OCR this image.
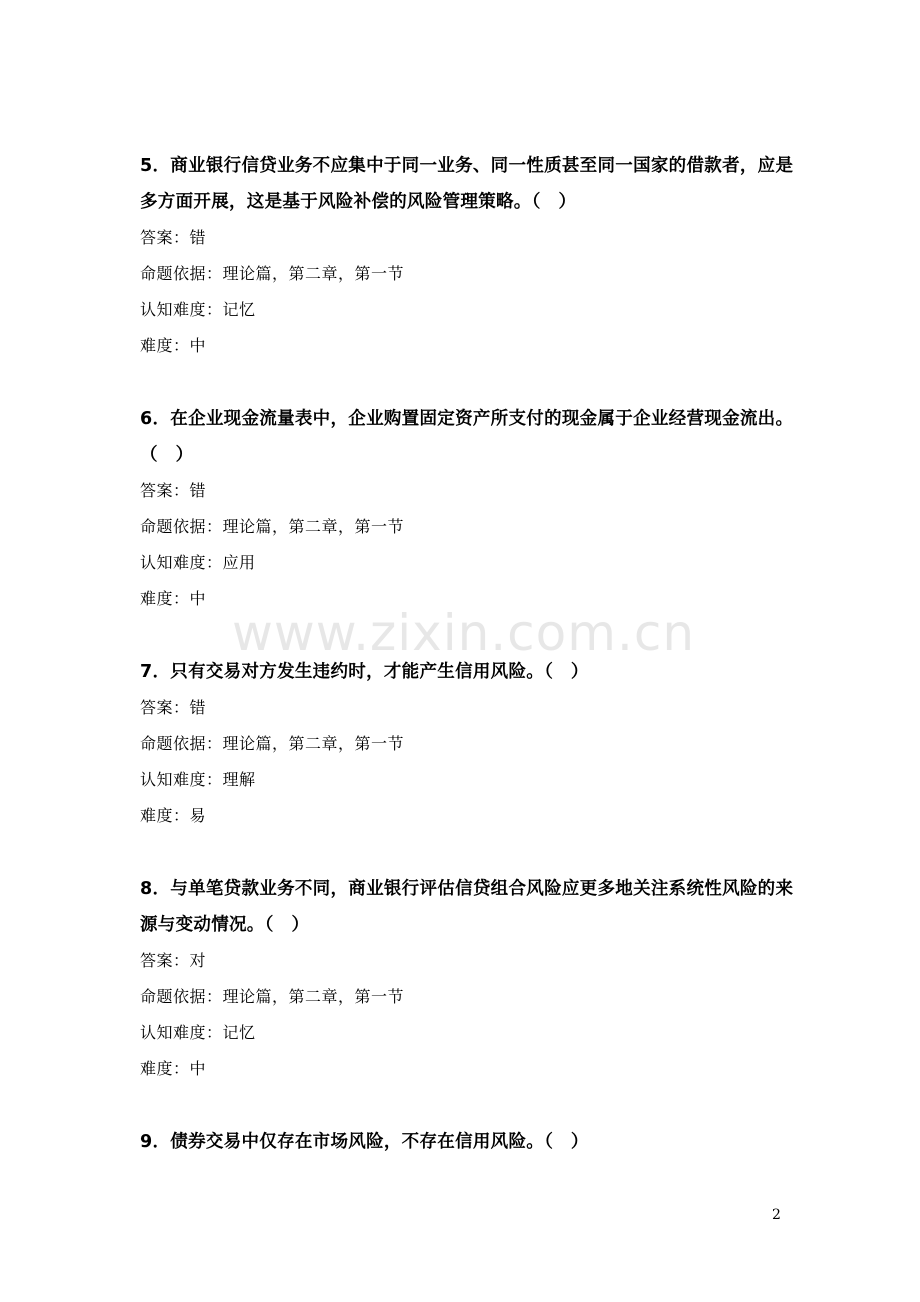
5．商业银行信贷业务不应集中于同一业务、同一性质甚至同一国家的借款者，应是多方面开展，这是基于风险补偿的风险管理策略。（　）
答案：错
命题依据：理论篇，第二章，第一节
认知难度：记忆
难度：中
6．在企业现金流量表中，企业购置固定资产所支付的现金属于企业经营现金流出。（　）
答案：错
命题依据：理论篇，第二章，第一节
认知难度：应用
难度：中
7．只有交易对方发生违约时，才能产生信用风险。（　）
答案：错
命题依据：理论篇，第二章，第一节
认知难度：理解
难度：易
8．与单笔贷款业务不同，商业银行评估信贷组合风险应更多地关注系统性风险的来源与变动情况。（　）
答案：对
命题依据：理论篇，第二章，第一节
认知难度：记忆
难度：中
9．债券交易中仅存在市场风险，不存在信用风险。（　）
www.zixin.com.cn
2
